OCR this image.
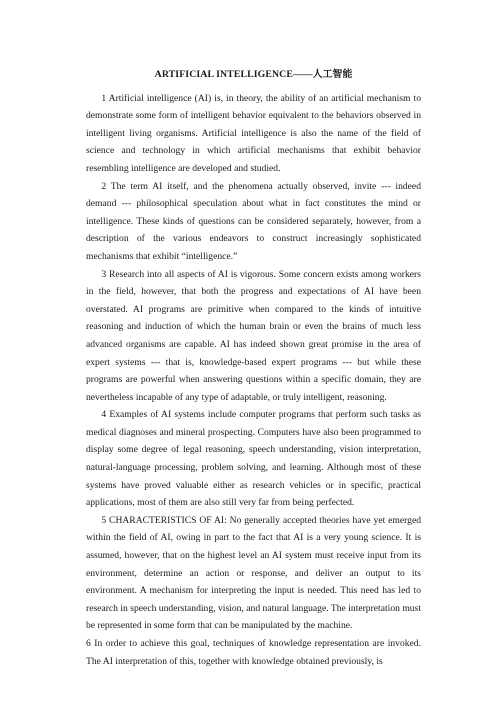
ARTIFICIAL INTELLIGENCE——人工智能

1 Artificial intelligence (AI) is, in theory, the ability of an artificial mechanism to demonstrate some form of intelligent behavior equivalent to the behaviors observed in intelligent living organisms. Artificial intelligence is also the name of the field of science and technology in which artificial mechanisms that exhibit behavior resembling intelligence are developed and studied.

2 The term AI itself, and the phenomena actually observed, invite --- indeed demand --- philosophical speculation about what in fact constitutes the mind or intelligence. These kinds of questions can be considered separately, however, from a description of the various endeavors to construct increasingly sophisticated mechanisms that exhibit “intelligence.”

3 Research into all aspects of AI is vigorous. Some concern exists among workers in the field, however, that both the progress and expectations of AI have been overstated. AI programs are primitive when compared to the kinds of intuitive reasoning and induction of which the human brain or even the brains of much less advanced organisms are capable. AI has indeed shown great promise in the area of expert systems --- that is, knowledge-based expert programs --- but while these programs are powerful when answering questions within a specific domain, they are nevertheless incapable of any type of adaptable, or truly intelligent, reasoning.

4 Examples of AI systems include computer programs that perform such tasks as medical diagnoses and mineral prospecting. Computers have also been programmed to display some degree of legal reasoning, speech understanding, vision interpretation, natural-language processing, problem solving, and learning. Although most of these systems have proved valuable either as research vehicles or in specific, practical applications, most of them are also still very far from being perfected.

5 CHARACTERISTICS OF AI: No generally accepted theories have yet emerged within the field of AI, owing in part to the fact that AI is a very young science. It is assumed, however, that on the highest level an AI system must receive input from its environment, determine an action or response, and deliver an output to its environment. A mechanism for interpreting the input is needed. This need has led to research in speech understanding, vision, and natural language. The interpretation must be represented in some form that can be manipulated by the machine.

6 In order to achieve this goal, techniques of knowledge representation are invoked. The AI interpretation of this, together with knowledge obtained previously, is
